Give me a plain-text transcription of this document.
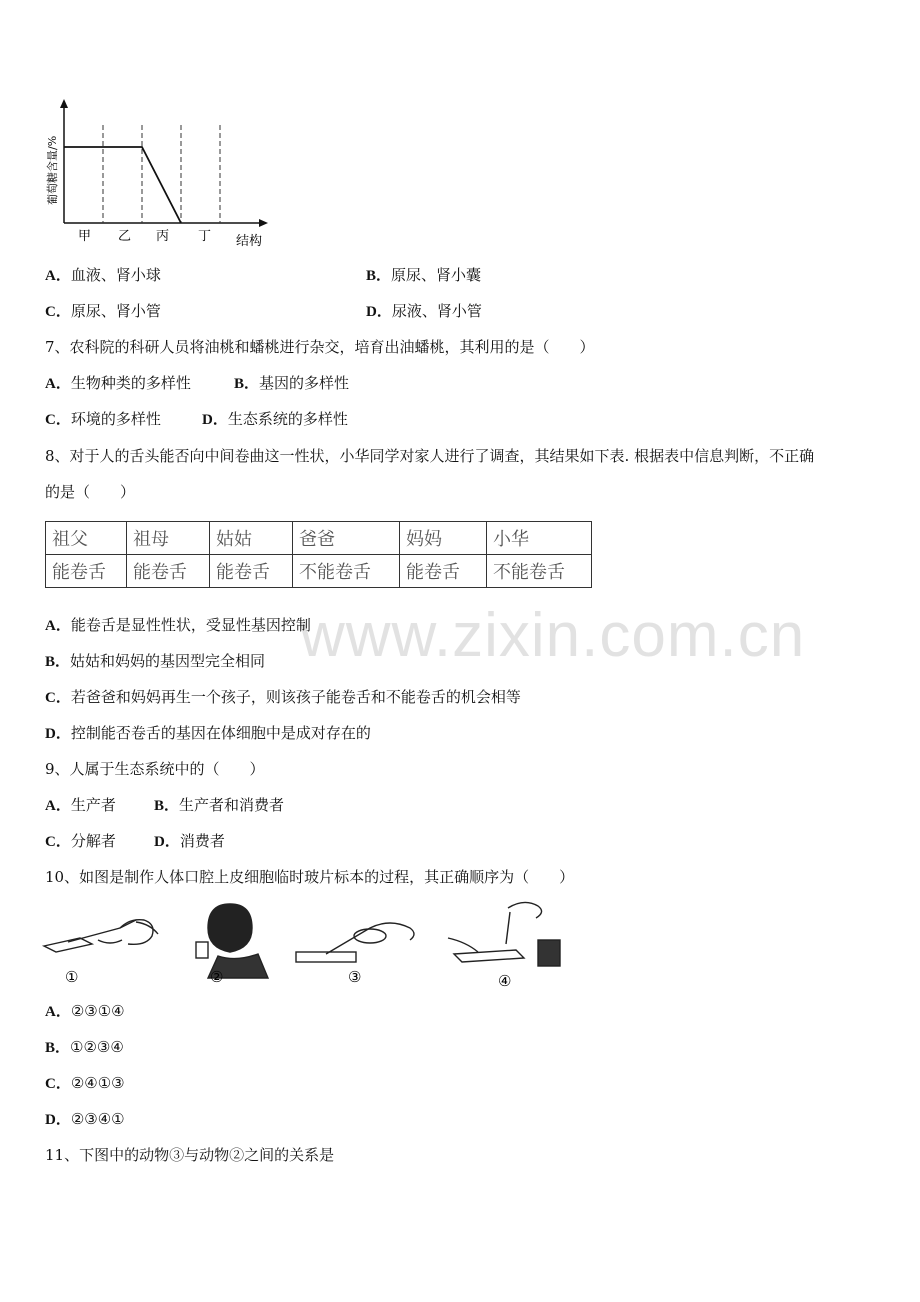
葡萄糖含量/%
甲 乙 丙 丁 结构
A．血液、肾小球	B．原尿、肾小囊
C．原尿、肾小管	D．尿液、肾小管
7、农科院的科研人员将油桃和蟠桃进行杂交，培育出油蟠桃，其利用的是（　　）
A．生物种类的多样性	B．基因的多样性
C．环境的多样性	D．生态系统的多样性
8、对于人的舌头能否向中间卷曲这一性状，小华同学对家人进行了调查，其结果如下表. 根据表中信息判断，不正确
的是（　　）
祖父	祖母	姑姑	爸爸	妈妈	小华
能卷舌	能卷舌	能卷舌	不能卷舌	能卷舌	不能卷舌
www.zixin.com.cn
A．能卷舌是显性性状，受显性基因控制
B．姑姑和妈妈的基因型完全相同
C．若爸爸和妈妈再生一个孩子，则该孩子能卷舌和不能卷舌的机会相等
D．控制能否卷舌的基因在体细胞中是成对存在的
9、人属于生态系统中的（　　）
A．生产者	B．生产者和消费者
C．分解者	D．消费者
10、如图是制作人体口腔上皮细胞临时玻片标本的过程，其正确顺序为（　　）
①	②	③	④
A．②③①④
B．①②③④
C．②④①③
D．②③④①
11、下图中的动物③与动物②之间的关系是
